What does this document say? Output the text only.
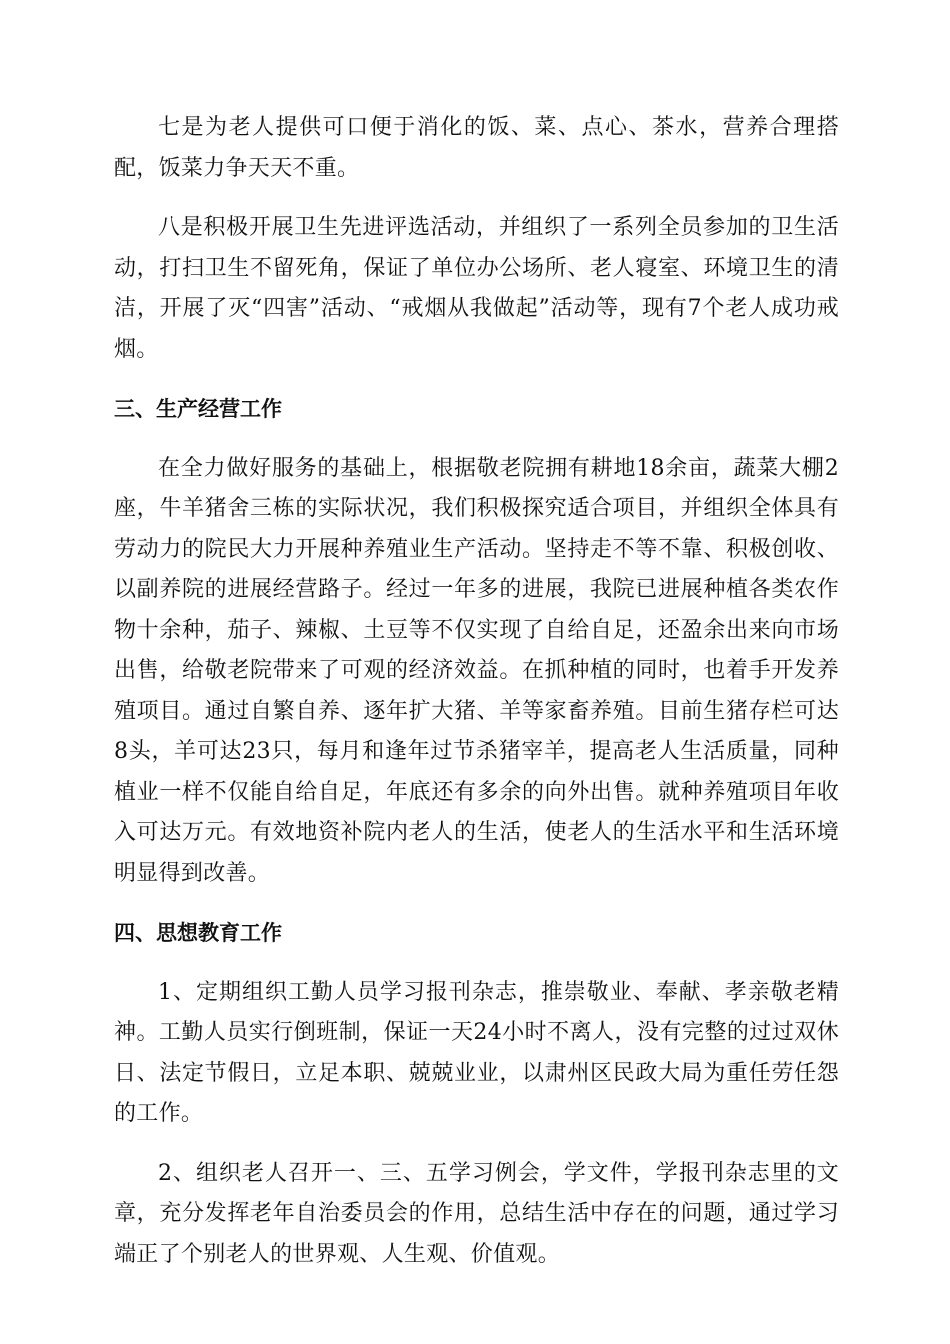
七是为老人提供可口便于消化的饭、菜、点心、茶水，营养合理搭配，饭菜力争天天不重。

八是积极开展卫生先进评选活动，并组织了一系列全员参加的卫生活动，打扫卫生不留死角，保证了单位办公场所、老人寝室、环境卫生的清洁，开展了灭“四害”活动、“戒烟从我做起”活动等，现有7个老人成功戒烟。

三、生产经营工作

在全力做好服务的基础上，根据敬老院拥有耕地18余亩，蔬菜大棚2座，牛羊猪舍三栋的实际状况，我们积极探究适合项目，并组织全体具有劳动力的院民大力开展种养殖业生产活动。坚持走不等不靠、积极创收、以副养院的进展经营路子。经过一年多的进展，我院已进展种植各类农作物十余种，茄子、辣椒、土豆等不仅实现了自给自足，还盈余出来向市场出售，给敬老院带来了可观的经济效益。在抓种植的同时，也着手开发养殖项目。通过自繁自养、逐年扩大猪、羊等家畜养殖。目前生猪存栏可达8头，羊可达23只，每月和逢年过节杀猪宰羊，提高老人生活质量，同种植业一样不仅能自给自足，年底还有多余的向外出售。就种养殖项目年收入可达万元。有效地资补院内老人的生活，使老人的生活水平和生活环境明显得到改善。

四、思想教育工作

1、定期组织工勤人员学习报刊杂志，推崇敬业、奉献、孝亲敬老精神。工勤人员实行倒班制，保证一天24小时不离人，没有完整的过过双休日、法定节假日，立足本职、兢兢业业，以肃州区民政大局为重任劳任怨的工作。

2、组织老人召开一、三、五学习例会，学文件，学报刊杂志里的文章，充分发挥老年自治委员会的作用，总结生活中存在的问题，通过学习端正了个别老人的世界观、人生观、价值观。
